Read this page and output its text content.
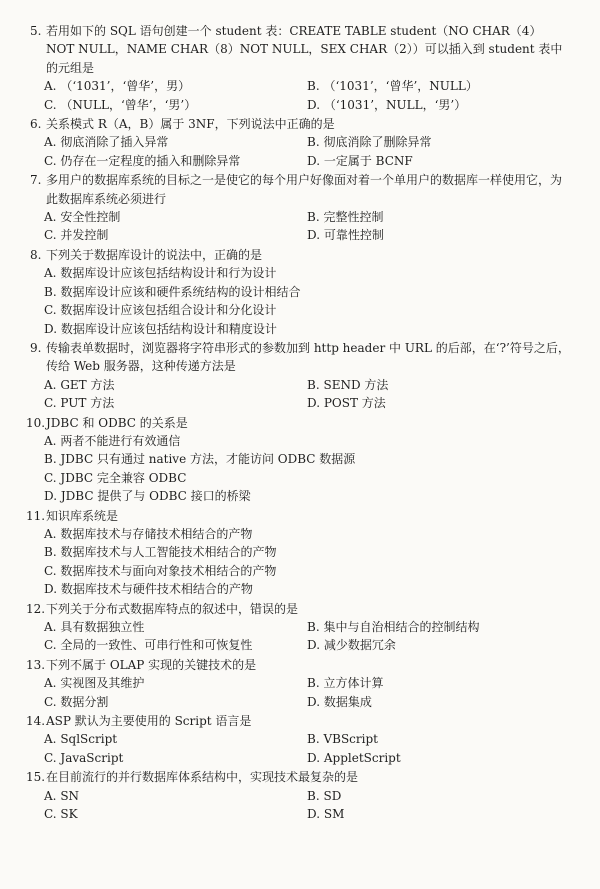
5. 若用如下的 SQL 语句创建一个 student 表：CREATE TABLE student（NO CHAR（4） NOT NULL，NAME CHAR（8）NOT NULL，SEX CHAR（2））可以插入到 student 表中的元组是
A. （‘1031’，‘曾华’，男）	B. （‘1031’，‘曾华’，NULL）
C. （NULL，‘曾华’，‘男’）	D. （‘1031’，NULL，‘男’）
6. 关系模式 R（A，B）属于 3NF，下列说法中正确的是
A. 彻底消除了插入异常	B. 彻底消除了删除异常
C. 仍存在一定程度的插入和删除异常	D. 一定属于 BCNF
7. 多用户的数据库系统的目标之一是使它的每个用户好像面对着一个单用户的数据库一样使用它，为此数据库系统必须进行
A. 安全性控制	B. 完整性控制
C. 并发控制	D. 可靠性控制
8. 下列关于数据库设计的说法中，正确的是
A. 数据库设计应该包括结构设计和行为设计
B. 数据库设计应该和硬件系统结构的设计相结合
C. 数据库设计应该包括组合设计和分化设计
D. 数据库设计应该包括结构设计和精度设计
9. 传输表单数据时，浏览器将字符串形式的参数加到 http header 中 URL 的后部，在‘?’符号之后，传给 Web 服务器，这种传递方法是
A. GET 方法	B. SEND 方法
C. PUT 方法	D. POST 方法
10. JDBC 和 ODBC 的关系是
A. 两者不能进行有效通信
B. JDBC 只有通过 native 方法，才能访问 ODBC 数据源
C. JDBC 完全兼容 ODBC
D. JDBC 提供了与 ODBC 接口的桥梁
11. 知识库系统是
A. 数据库技术与存储技术相结合的产物
B. 数据库技术与人工智能技术相结合的产物
C. 数据库技术与面向对象技术相结合的产物
D. 数据库技术与硬件技术相结合的产物
12. 下列关于分布式数据库特点的叙述中，错误的是
A. 具有数据独立性	B. 集中与自治相结合的控制结构
C. 全局的一致性、可串行性和可恢复性	D. 减少数据冗余
13. 下列不属于 OLAP 实现的关键技术的是
A. 实视图及其维护	B. 立方体计算
C. 数据分割	D. 数据集成
14. ASP 默认为主要使用的 Script 语言是
A. SqlScript	B. VBScript
C. JavaScript	D. AppletScript
15. 在目前流行的并行数据库体系结构中，实现技术最复杂的是
A. SN	B. SD
C. SK	D. SM
